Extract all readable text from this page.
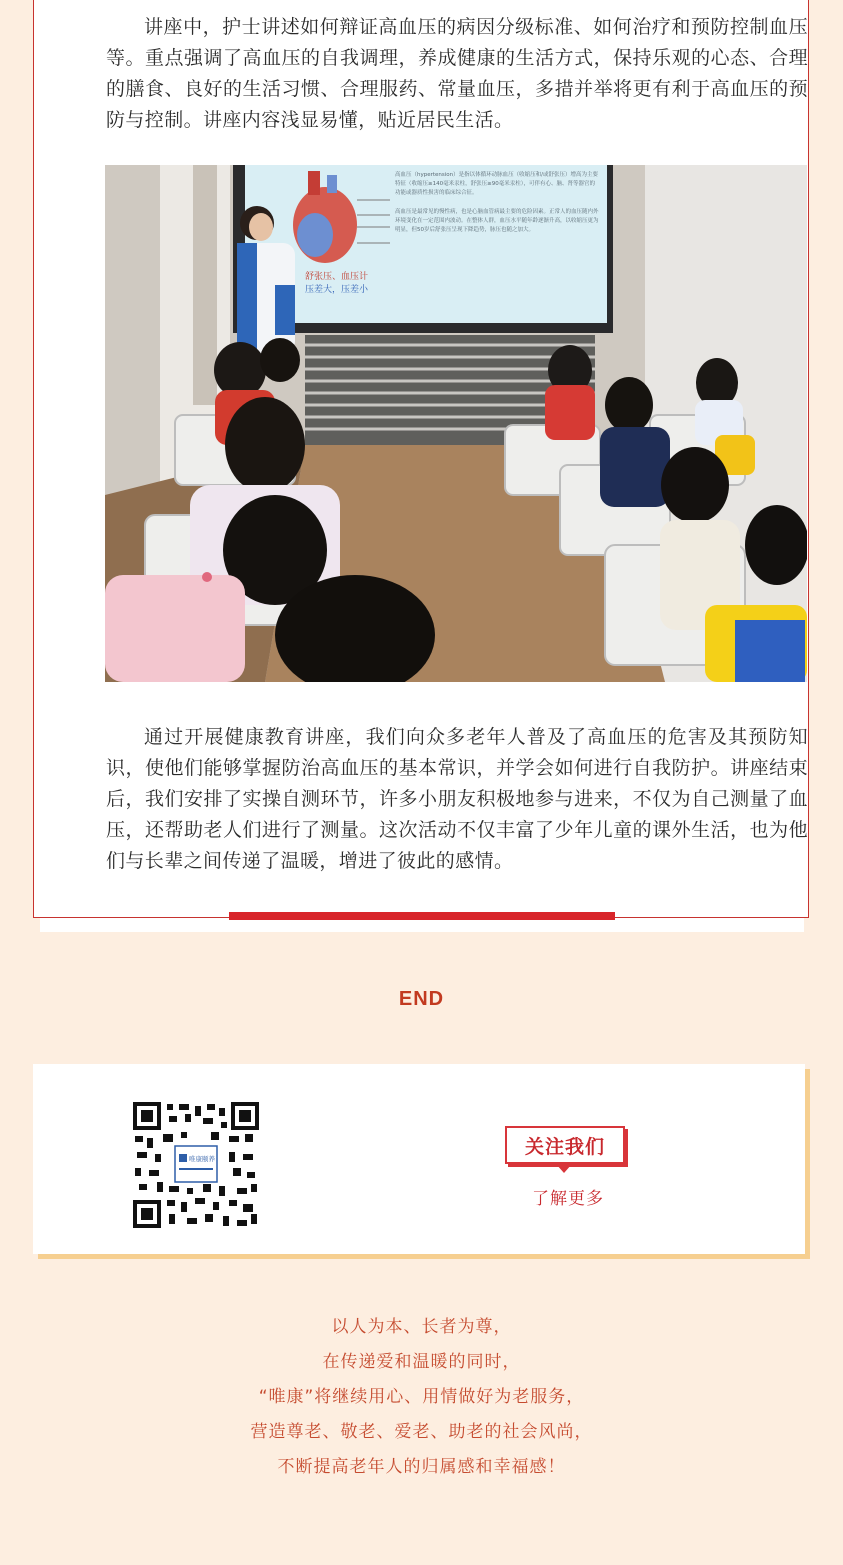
讲座中，护士讲述如何辩证高血压的病因分级标准、如何治疗和预防控制血压等。重点强调了高血压的自我调理，养成健康的生活方式，保持乐观的心态、合理的膳食、良好的生活习惯、合理服药、常量血压，多措并举将更有利于高血压的预防与控制。讲座内容浅显易懂，贴近居民生活。

舒张压、血压计
压差大，压差小
高血压（hypertension）是指以体循环动脉血压（收缩压和/或舒张压）增高为主要特征（收缩压≥140毫米汞柱，舒张压≥90毫米汞柱），可伴有心、脑、肾等器官的功能或器质性损害的临床综合征。
高血压是最常见的慢性病，也是心脑血管病最主要的危险因素。正常人的血压随内外环境变化在一定范围内波动。在整体人群，血压水平随年龄逐渐升高，以收缩压更为明显，但50岁后舒张压呈现下降趋势，脉压也随之加大。

通过开展健康教育讲座，我们向众多老年人普及了高血压的危害及其预防知识，使他们能够掌握防治高血压的基本常识，并学会如何进行自我防护。讲座结束后，我们安排了实操自测环节，许多小朋友积极地参与进来，不仅为自己测量了血压，还帮助老人们进行了测量。这次活动不仅丰富了少年儿童的课外生活，也为他们与长辈之间传递了温暖，增进了彼此的感情。

END
唯康颐养
关注我们
了解更多
以人为本、长者为尊，
在传递爱和温暖的同时，
“唯康”将继续用心、用情做好为老服务，
营造尊老、敬老、爱老、助老的社会风尚，
不断提高老年人的归属感和幸福感！
